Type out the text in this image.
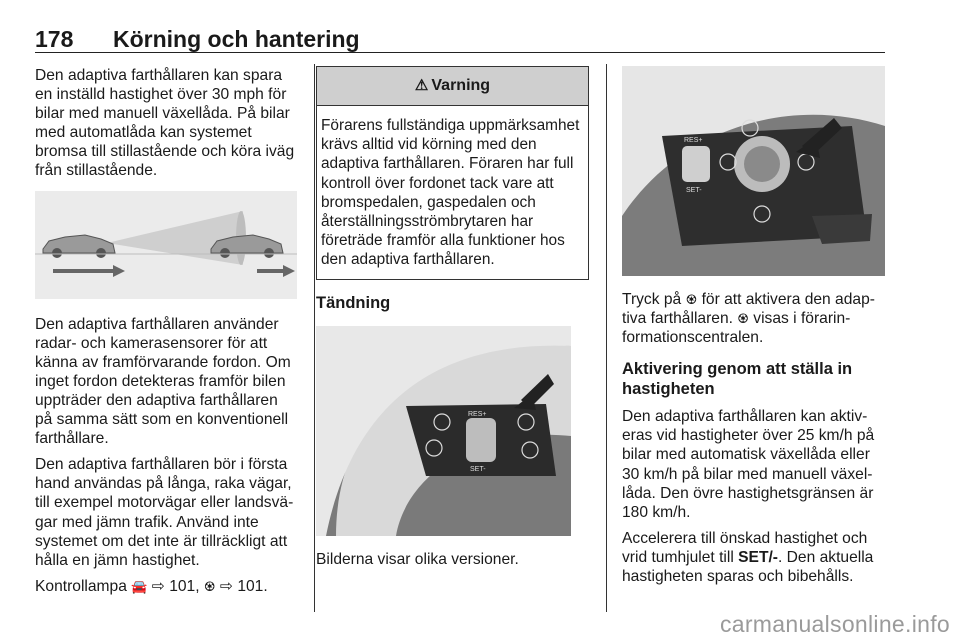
178 Körning och hantering

Den adaptiva farthållaren kan spara en inställd hastighet över 30 mph för bilar med manuell växellåda. På bilar med automatlåda kan systemet bromsa till stillastående och köra iväg från stillastående.

Den adaptiva farthållaren använder radar- och kamerasensorer för att känna av framförvarande fordon. Om inget fordon detekteras framför bilen uppträder den adaptiva farthållaren på samma sätt som en konventionell farthållare.

Den adaptiva farthållaren bör i första hand användas på långa, raka vägar, till exempel motorvägar eller landsvägar med jämn trafik. Använd inte systemet om det inte är tillräckligt att hålla en jämn hastighet.

Kontrollampa 🚘 ⇨ 101, ♼ ⇨ 101.

⚠ Varning
Förarens fullständiga uppmärksamhet krävs alltid vid körning med den adaptiva farthållaren. Föraren har full kontroll över fordonet tack vare att bromspedalen, gaspedalen och återställningsströmbrytaren har företräde framför alla funktioner hos den adaptiva farthållaren.

Tändning

RES+
SET-

Bilderna visar olika versioner.

RES+
SET-

Tryck på ♼ för att aktivera den adaptiva farthållaren. ♼ visas i förarinformationscentralen.

Aktivering genom att ställa in hastigheten

Den adaptiva farthållaren kan aktiveras vid hastigheter över 25 km/h på bilar med automatisk växellåda eller 30 km/h på bilar med manuell växellåda. Den övre hastighetsgränsen är 180 km/h.

Accelerera till önskad hastighet och vrid tumhjulet till SET/-. Den aktuella hastigheten sparas och bibehålls.

carmanualsonline.info
